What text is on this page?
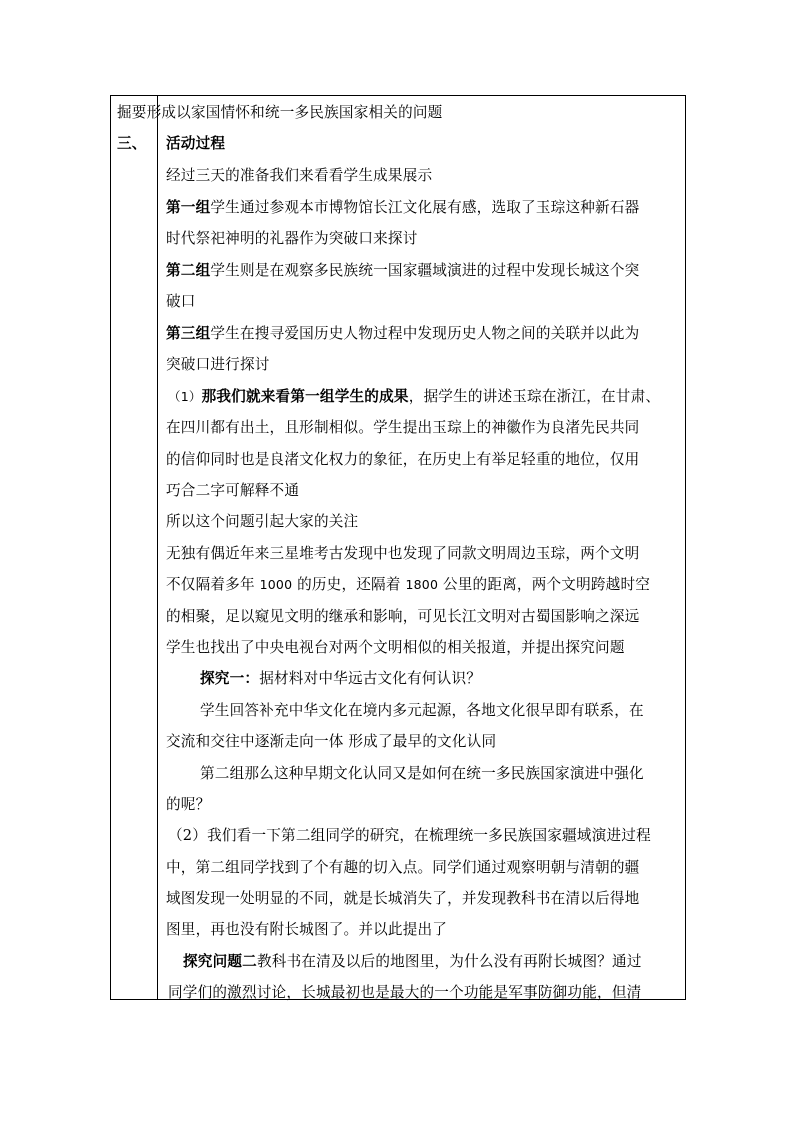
掘要形成以家国情怀和统一多民族国家相关的问题
三、 活动过程
经过三天的准备我们来看看学生成果展示
第一组学生通过参观本市博物馆长江文化展有感，选取了玉琮这种新石器
时代祭祀神明的礼器作为突破口来探讨
第二组学生则是在观察多民族统一国家疆域演进的过程中发现长城这个突
破口
第三组学生在搜寻爱国历史人物过程中发现历史人物之间的关联并以此为
突破口进行探讨
（1）那我们就来看第一组学生的成果，据学生的讲述玉琮在浙江，在甘肃、
在四川都有出土，且形制相似。学生提出玉琮上的神徽作为良渚先民共同
的信仰同时也是良渚文化权力的象征，在历史上有举足轻重的地位，仅用
巧合二字可解释不通
所以这个问题引起大家的关注
无独有偶近年来三星堆考古发现中也发现了同款文明周边玉琮，两个文明
不仅隔着多年 1000 的历史，还隔着 1800 公里的距离，两个文明跨越时空
的相聚，足以窥见文明的继承和影响，可见长江文明对古蜀国影响之深远
学生也找出了中央电视台对两个文明相似的相关报道，并提出探究问题
探究一：据材料对中华远古文化有何认识？
学生回答补充中华文化在境内多元起源，各地文化很早即有联系，在
交流和交往中逐渐走向一体 形成了最早的文化认同
第二组那么这种早期文化认同又是如何在统一多民族国家演进中强化
的呢？
（2）我们看一下第二组同学的研究，在梳理统一多民族国家疆域演进过程
中，第二组同学找到了个有趣的切入点。同学们通过观察明朝与清朝的疆
域图发现一处明显的不同，就是长城消失了，并发现教科书在清以后得地
图里，再也没有附长城图了。并以此提出了
探究问题二教科书在清及以后的地图里，为什么没有再附长城图？通过
同学们的激烈讨论，长城最初也是最大的一个功能是军事防御功能，但清
